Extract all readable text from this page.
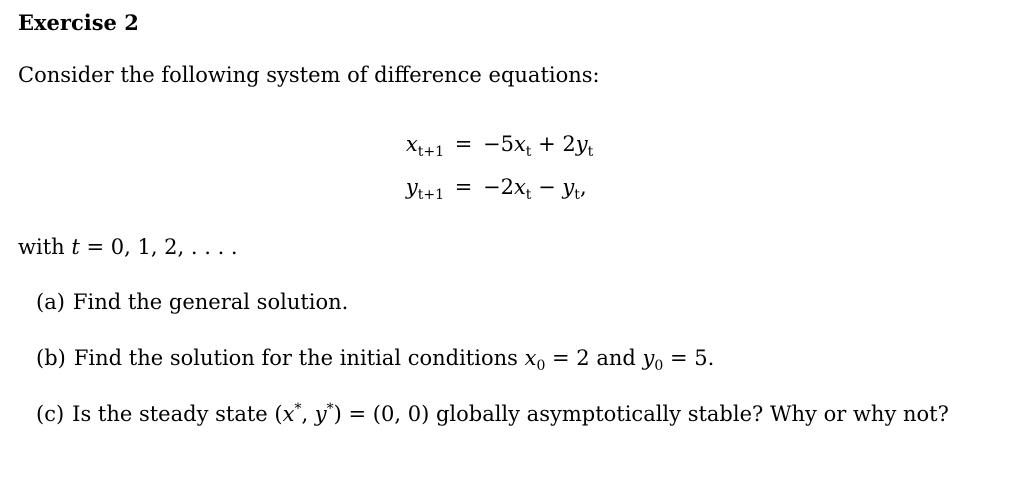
Exercise 2
Consider the following system of difference equations:
$x_{t+1} = -5x_t + 2y_t$
$y_{t+1} = -2x_t - y_t$,
with t = 0, 1, 2, . . . .
(a) Find the general solution.
(b) Find the solution for the initial conditions $x_0 = 2$ and $y_0 = 5$.
(c) Is the steady state (x*, y*) = (0, 0) globally asymptotically stable? Why or why not?
